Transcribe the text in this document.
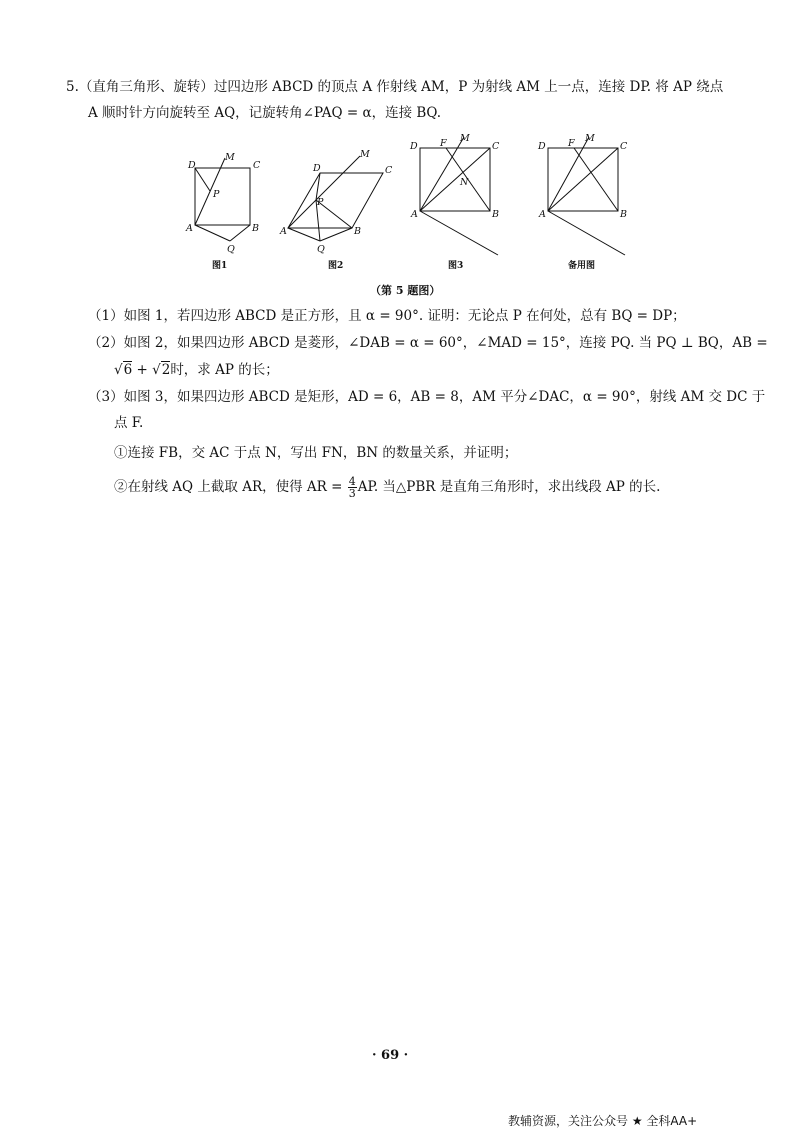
5.（直角三角形、旋转）过四边形 ABCD 的顶点 A 作射线 AM，P 为射线 AM 上一点，连接 DP. 将 AP 绕点
A 顺时针方向旋转至 AQ，记旋转角∠PAQ = α，连接 BQ.
D	C
A	B
M
P
Q
图1
D	C
A	B
M
P
Q
图2
D F M
C
N
A	B
图3
D F M
C
A	B
备用图
（第 5 题图）
（1）如图 1，若四边形 ABCD 是正方形，且 α = 90°. 证明：无论点 P 在何处，总有 BQ = DP；
（2）如图 2，如果四边形 ABCD 是菱形，∠DAB = α = 60°，∠MAD = 15°，连接 PQ. 当 PQ ⊥ BQ，AB =
√6 + √2时，求 AP 的长；
（3）如图 3，如果四边形 ABCD 是矩形，AD = 6，AB = 8，AM 平分∠DAC，α = 90°，射线 AM 交 DC 于
点 F.
①连接 FB，交 AC 于点 N，写出 FN，BN 的数量关系，并证明；
②在射线 AQ 上截取 AR，使得 AR = $\frac{4}{3}$ AP. 当△PBR 是直角三角形时，求出线段 AP 的长.
· 69 ·
教辅资源，关注公众号 ★ 全科AA+
